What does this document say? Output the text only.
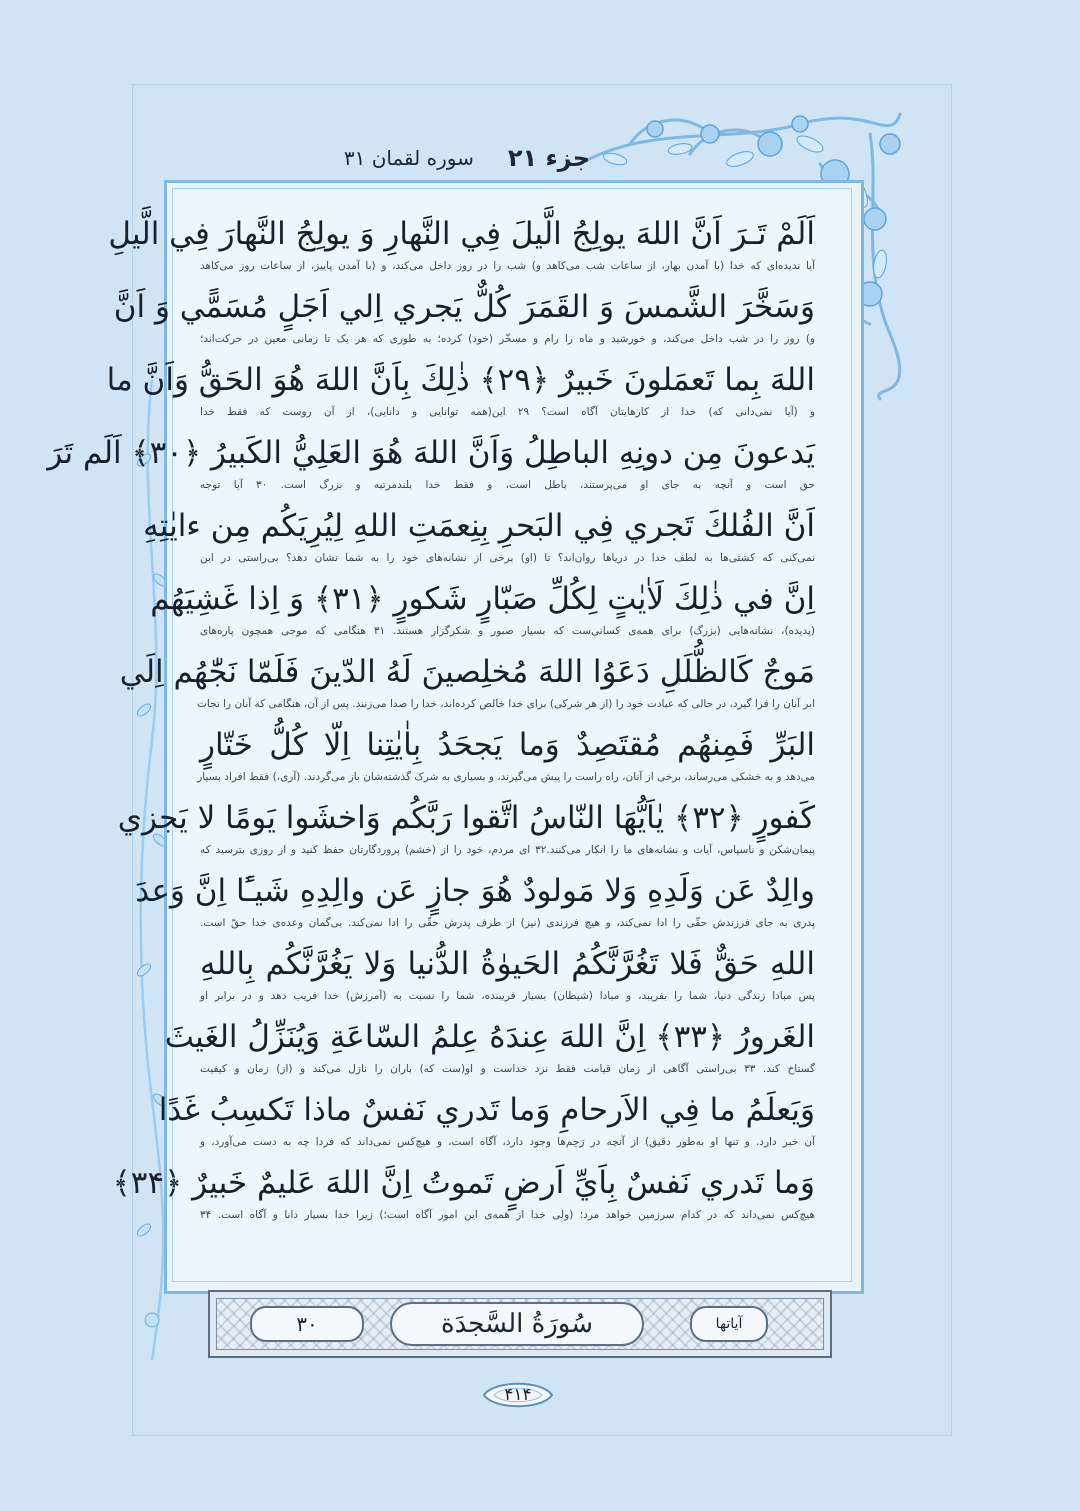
جزء ۲۱
سوره لقمان ۳۱
اَلَمْ تَـرَ اَنَّ اللهَ يولِجُ الَّيلَ فِي النَّهارِ وَ يولِجُ النَّهارَ فِي الَّيلِ
آیا ندیده‌ای که خدا (با آمدن بهار، از ساعات شب می‌کاهد و) شب را در روز داخل می‌کند، و (با آمدن پاییز، از ساعات روز می‌کاهد
وَسَخَّرَ الشَّمسَ وَ القَمَرَ كُلٌّ يَجري اِلي اَجَلٍ مُسَمًّي وَ اَنَّ
و) روز را در شب داخل می‌کند، و خورشید و ماه را رام و مسخّر (خود) کرده؛ به طوری که هر یک تا زمانی معین در حرکت‌اند؛
اللهَ بِما تَعمَلونَ خَبيرٌ ﴿۲۹﴾ ذٰلِكَ بِاَنَّ اللهَ هُوَ الحَقُّ وَاَنَّ ما
و (آیا نمی‌دانی که) خدا از کارهایتان آگاه است؟ ۲۹ این(همه توانایی و دانایی)، از آن روست که فقط خدا
يَدعونَ مِن دونِهِ الباطِلُ وَاَنَّ اللهَ هُوَ العَلِيُّ الكَبيرُ ﴿۳۰﴾ اَلَم تَرَ
حق است و آنچه به جای او می‌پرستند، باطل است، و فقط خدا بلندمرتبه و بزرگ است. ۳۰ آیا توجه
اَنَّ الفُلكَ تَجري فِي البَحرِ بِنِعمَتِ اللهِ لِيُرِيَكُم مِن ءايٰتِهِ
نمی‌کنی که کشتی‌ها به لطف خدا در دریاها روان‌اند؟ تا (او) برخی از نشانه‌های خود را به شما نشان دهد؟ بی‌راستی در این
اِنَّ في ذٰلِكَ لَاٰيٰتٍ لِكُلِّ صَبّارٍ شَكورٍ ﴿۳۱﴾ وَ اِذا غَشِيَهُم
(پدیده)، نشانه‌هایی (بزرگ) برای همه‌ی کسانی‌ست که بسیار صبور و شکرگزار هستند. ۳۱ هنگامی که موجی همچون پاره‌های
مَوجٌ كَالظُّلَلِ دَعَوُا اللهَ مُخلِصينَ لَهُ الدّينَ فَلَمّا نَجّٰهُم اِلَي
ابر آنان را فرا گیرد، در حالی که عبادت خود را (از هر شرکی) برای خدا خالص کرده‌اند، خدا را صدا می‌زنند. پس از آن، هنگامی که آنان را نجات
البَرِّ فَمِنهُم مُقتَصِدٌ وَما يَجحَدُ بِاٰيٰتِنا اِلّا كُلُّ خَتّارٍ
می‌دهد و به خشکی می‌رساند، برخی از آنان، راه راست را پیش می‌گیرند، و بسیاری به شرک گذشته‌شان باز می‌گردند. (آری،) فقط افراد بسیار
كَفورٍ ﴿۳۲﴾ يٰاَيُّهَا النّاسُ اتَّقوا رَبَّكُم وَاخشَوا يَومًا لا يَجزي
پیمان‌شکن و ناسپاس، آیات و نشانه‌های ما را انکار می‌کنند.۳۲ ای مردم، خود را از (خشم) پروردگارتان حفظ کنید و از روزی بترسید که
والِدٌ عَن وَلَدِهِ وَلا مَولودٌ هُوَ جازٍ عَن والِدِهِ شَيـًٔا اِنَّ وَعدَ
پدری به جای فرزندش حقّی را ادا نمی‌کند، و هیچ فرزندی (نیز) از طرف پدرش حقّی را ادا نمی‌کند. بی‌گمان وعده‌ی خدا حقّ است.
اللهِ حَقٌّ فَلا تَغُرَّنَّكُمُ الحَيوٰةُ الدُّنيا وَلا يَغُرَّنَّكُم بِاللهِ
پس مبادا زندگی دنیا، شما را بفریبد، و مبادا (شیطان) بسیار فریبنده، شما را نسبت به (آمرزش) خدا فریب دهد و در برابر او
الغَرورُ ﴿۳۳﴾ اِنَّ اللهَ عِندَهُ عِلمُ السّاعَةِ وَيُنَزِّلُ الغَيثَ
گستاخ کند. ۳۳ بی‌راستی آگاهی از زمان قیامت فقط نزد خداست و او(ست که) باران را نازل می‌کند و (از) زمان و کیفیت
وَيَعلَمُ ما فِي الاَرحامِ وَما تَدري نَفسٌ ماذا تَكسِبُ غَدًا
آن خبر دارد. و تنها او به‌طور دقیق) از آنچه در رَحِم‌ها وجود دارد، آگاه است، و هیچ‌کس نمی‌داند که فردا چه به دست می‌آورد، و
وَما تَدري نَفسٌ بِاَيِّ اَرضٍ تَموتُ اِنَّ اللهَ عَليمٌ خَبيرٌ ﴿۳۴﴾
هیچ‌کس نمی‌داند که در کدام سرزمین خواهد مرد؛ (ولی خدا از همه‌ی این امور آگاه است؛) زیرا خدا بسیار دانا و آگاه است. ۳۴
۳۰	سُورَةُ السَّجدَة	آیاتها
۴۱۴
